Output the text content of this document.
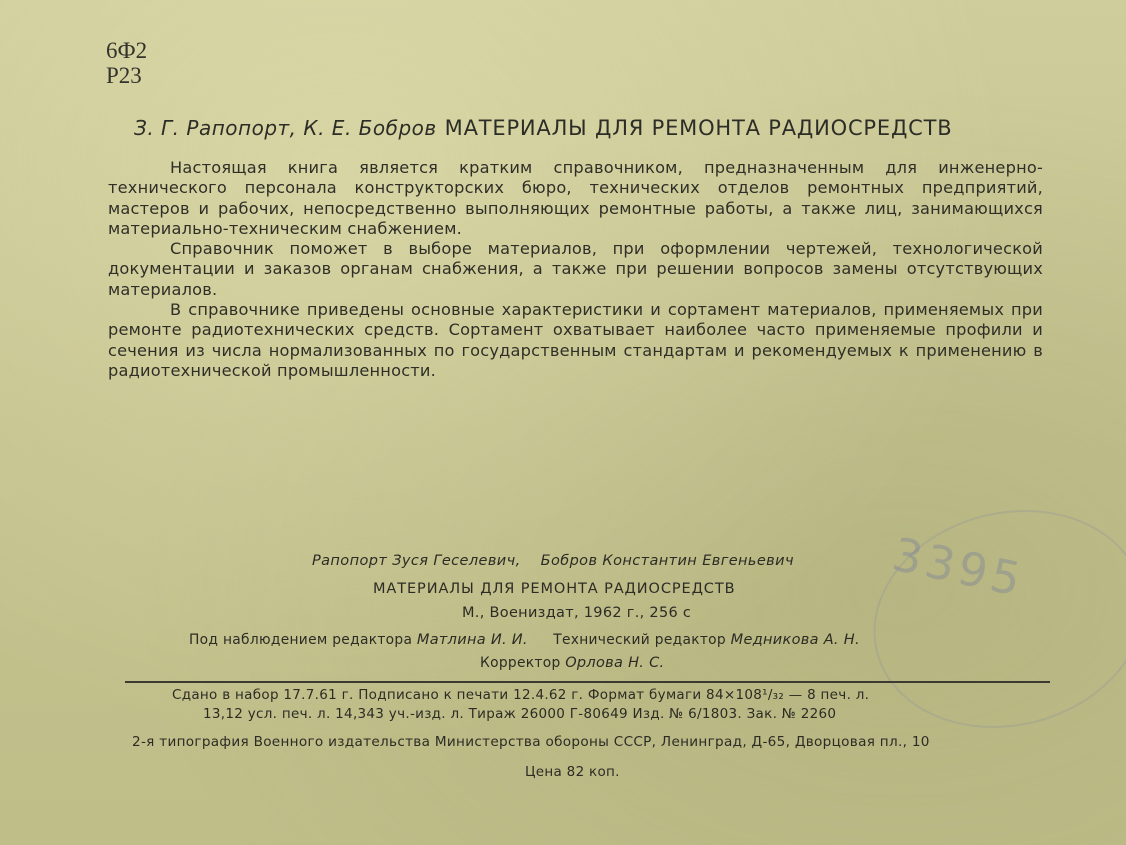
6Ф2
Р23
З. Г. Рапопорт, К. Е. Бобров МАТЕРИАЛЫ ДЛЯ РЕМОНТА РАДИОСРЕДСТВ

Настоящая книга является кратким справочником, предназначенным для инженерно-технического персонала конструкторских бюро, технических отделов ремонтных предприятий, мастеров и рабочих, непосредственно выполняющих ремонтные работы, а также лиц, занимающихся материально-техническим снабжением.

Справочник поможет в выборе материалов, при оформлении чертежей, технологической документации и заказов органам снабжения, а также при решении вопросов замены отсутствующих материалов.

В справочнике приведены основные характеристики и сортамент материалов, применяемых при ремонте радиотехнических средств. Сортамент охватывает наиболее часто применяемые профили и сечения из числа нормализованных по государственным стандартам и рекомендуемых к применению в радиотехнической промышленности.

3395
Рапопорт Зуся Геселевич, Бобров Константин Евгеньевич
МАТЕРИАЛЫ ДЛЯ РЕМОНТА РАДИОСРЕДСТВ
М., Воениздат, 1962 г., 256 с
Под наблюдением редактора Матлина И. И. Технический редактор Медникова А. Н.
Корректор Орлова Н. С.
Сдано в набор 17.7.61 г. Подписано к печати 12.4.62 г. Формат бумаги 84×108¹/₃₂ — 8 печ. л.
13,12 усл. печ. л. 14,343 уч.-изд. л. Тираж 26000 Г-80649 Изд. № 6/1803. Зак. № 2260
2-я типография Военного издательства Министерства обороны СССР, Ленинград, Д-65, Дворцовая пл., 10
Цена 82 коп.
